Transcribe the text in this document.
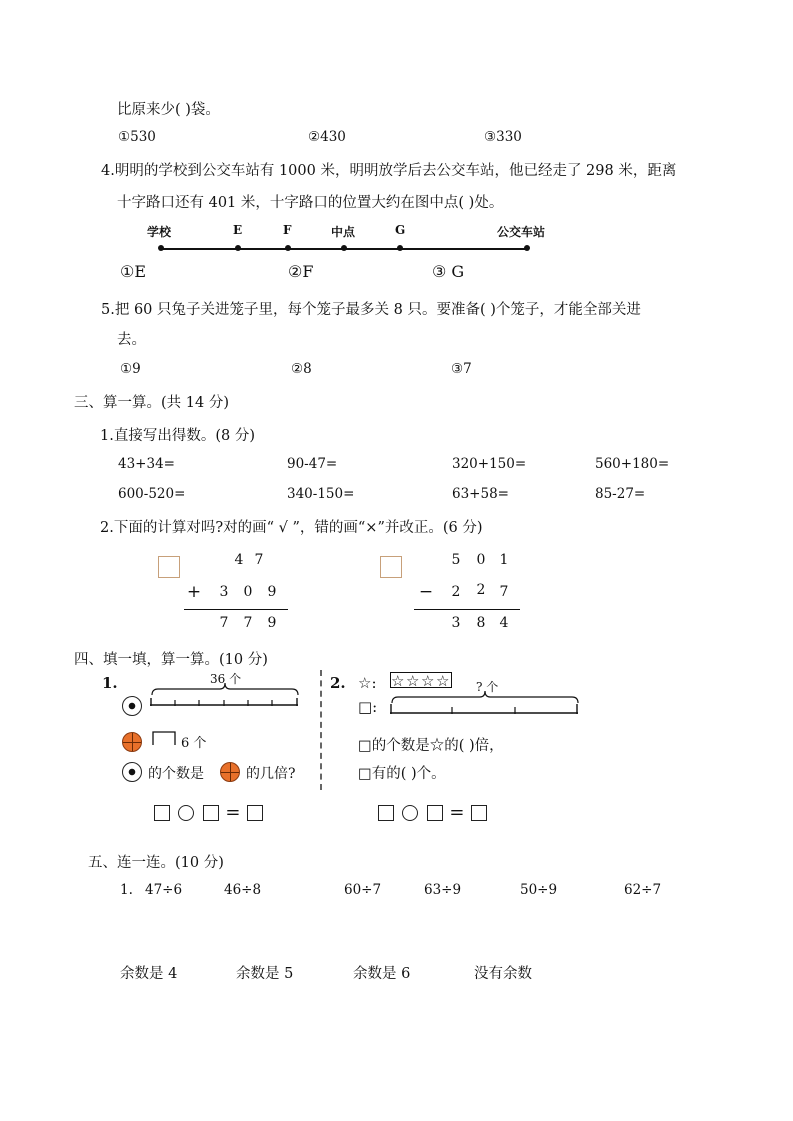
比原来少( )袋。
①530	②430	③330
4.明明的学校到公交车站有 1000 米，明明放学后去公交车站，他已经走了 298 米，距离
十字路口还有 401 米，十字路口的位置大约在图中点( )处。
学校	E	F	中点	G	公交车站
①E	②F	③ G
5.把 60 只兔子关进笼子里，每个笼子最多关 8 只。要准备( )个笼子，才能全部关进
去。
①9	②8	③7
三、算一算。(共 14 分)
1.直接写出得数。(8 分)
43+34=	90-47=	320+150=	560+180=
600-520=	340-150=	63+58=	85-27=
2.下面的计算对吗?对的画“ √ ”，错的画“×”并改正。(6 分)
4 7
+ 3 0 9
7 7 9
5 0 1
− 2 2 7
3 8 4
四、填一填，算一算。(10 分)
1.	36 个
6 个
的个数是	的几倍?
2. ☆: ☆ ☆ ☆ ☆ ? 个
□:
□的个数是☆的( )倍，
□有的( )个。
=	=
五、连一连。(10 分)
1. 47÷6	46÷8	60÷7	63÷9	50÷9	62÷7
余数是 4	余数是 5	余数是 6	没有余数
